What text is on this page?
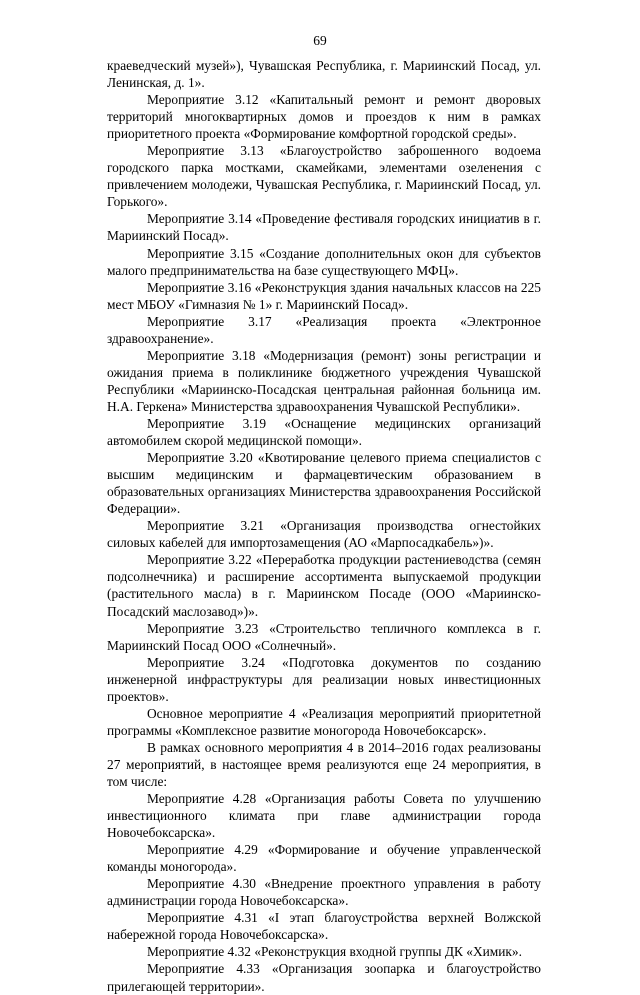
69

краеведческий музей»), Чувашская Республика, г. Мариинский Посад, ул. Ленинская, д. 1».

Мероприятие 3.12 «Капитальный ремонт и ремонт дворовых территорий многоквартирных домов и проездов к ним в рамках приоритетного проекта «Формирование комфортной городской среды».

Мероприятие 3.13 «Благоустройство заброшенного водоема городского парка мостками, скамейками, элементами озеленения с привлечением молодежи, Чувашская Республика, г. Мариинский Посад, ул. Горького».

Мероприятие 3.14 «Проведение фестиваля городских инициатив в г. Мариинский Посад».

Мероприятие 3.15 «Создание дополнительных окон для субъектов малого предпринимательства на базе существующего МФЦ».

Мероприятие 3.16 «Реконструкция здания начальных классов на 225 мест МБОУ «Гимназия № 1» г. Мариинский Посад».

Мероприятие 3.17 «Реализация проекта «Электронное здравоохранение».

Мероприятие 3.18 «Модернизация (ремонт) зоны регистрации и ожидания приема в поликлинике бюджетного учреждения Чувашской Республики «Мариинско-Посадская центральная районная больница им. Н.А. Геркена» Министерства здравоохранения Чувашской Республики».

Мероприятие 3.19 «Оснащение медицинских организаций автомобилем скорой медицинской помощи».

Мероприятие 3.20 «Квотирование целевого приема специалистов с высшим медицинским и фармацевтическим образованием в образовательных организациях Министерства здравоохранения Российской Федерации».

Мероприятие 3.21 «Организация производства огнестойких силовых кабелей для импортозамещения (АО «Марпосадкабель»)».

Мероприятие 3.22 «Переработка продукции растениеводства (семян подсолнечника) и расширение ассортимента выпускаемой продукции (растительного масла) в г. Мариинском Посаде (ООО «Мариинско-Посадский маслозавод»)».

Мероприятие 3.23 «Строительство тепличного комплекса в г. Мариинский Посад ООО «Солнечный».

Мероприятие 3.24 «Подготовка документов по созданию инженерной инфраструктуры для реализации новых инвестиционных проектов».

Основное мероприятие 4 «Реализация мероприятий приоритетной программы «Комплексное развитие моногорода Новочебоксарск».

В рамках основного мероприятия 4 в 2014–2016 годах реализованы 27 мероприятий, в настоящее время реализуются еще 24 мероприятия, в том числе:

Мероприятие 4.28 «Организация работы Совета по улучшению инвестиционного климата при главе администрации города Новочебоксарска».

Мероприятие 4.29 «Формирование и обучение управленческой команды моногорода».

Мероприятие 4.30 «Внедрение проектного управления в работу администрации города Новочебоксарска».

Мероприятие 4.31 «I этап благоустройства верхней Волжской набережной города Новочебоксарска».

Мероприятие 4.32 «Реконструкция входной группы ДК «Химик».

Мероприятие 4.33 «Организация зоопарка и благоустройство прилегающей территории».
